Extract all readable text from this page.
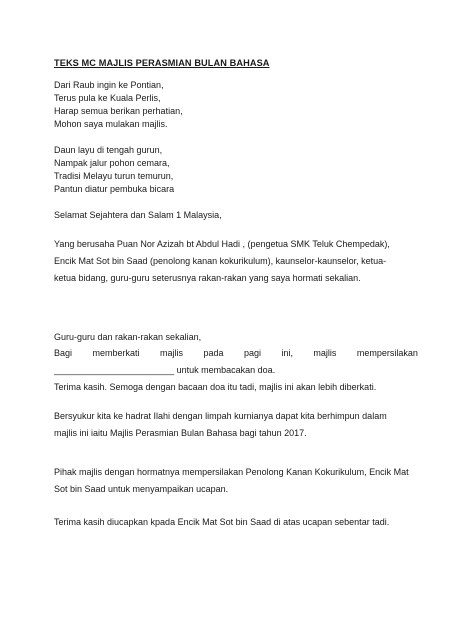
TEKS MC MAJLIS PERASMIAN BULAN BAHASA
Dari Raub ingin ke Pontian,
Terus pula ke Kuala Perlis,
Harap semua berikan perhatian,
Mohon saya mulakan majlis.
Daun layu di tengah gurun,
Nampak jalur pohon cemara,
Tradisi Melayu turun temurun,
Pantun diatur pembuka bicara
Selamat Sejahtera dan Salam 1 Malaysia,
Yang berusaha Puan Nor Azizah bt Abdul Hadi , (pengetua SMK Teluk Chempedak),
Encik Mat Sot bin Saad (penolong kanan kokurikulum), kaunselor-kaunselor, ketua-
ketua bidang, guru-guru seterusnya rakan-rakan yang saya hormati sekalian.
Guru-guru dan rakan-rakan sekalian,
Bagi memberkati majlis pada pagi ini, majlis mempersilakan
________________________ untuk membacakan doa.
Terima kasih. Semoga dengan bacaan doa itu tadi, majlis ini akan lebih diberkati.
Bersyukur kita ke hadrat Ilahi dengan limpah kurnianya dapat kita berhimpun dalam
majlis ini iaitu Majlis Perasmian Bulan Bahasa bagi tahun 2017.
Pihak majlis dengan hormatnya mempersilakan Penolong Kanan Kokurikulum, Encik Mat
Sot bin Saad untuk menyampaikan ucapan.
Terima kasih diucapkan kpada Encik Mat Sot bin Saad di atas ucapan sebentar tadi.
